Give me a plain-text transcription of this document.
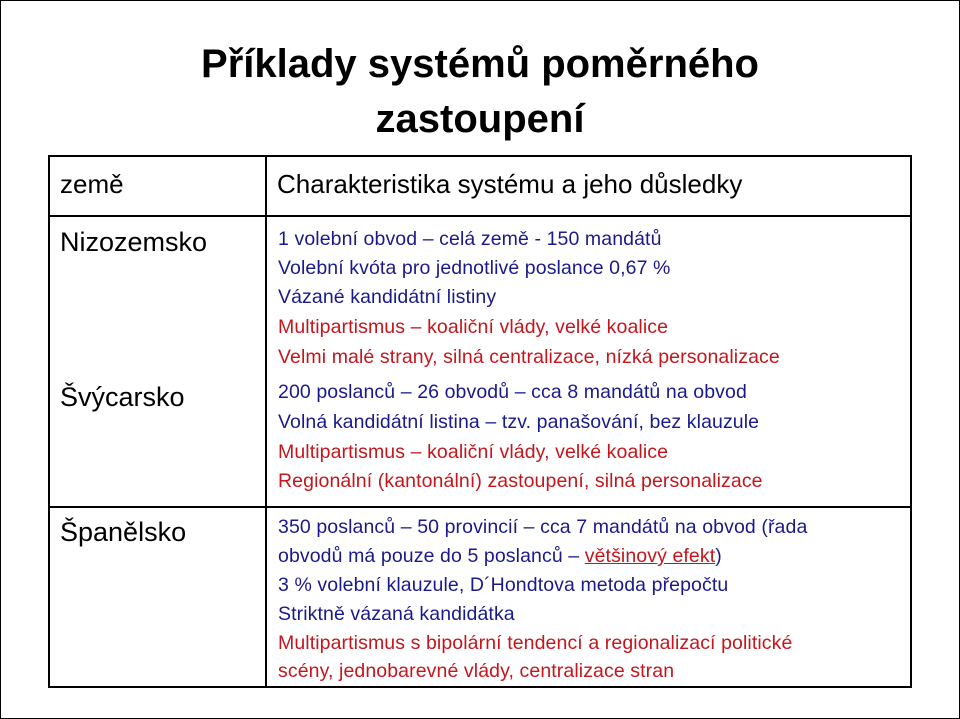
Příklady systémů poměrného
zastoupení
země	Charakteristika systému a jeho důsledky
Nizozemsko	1 volební obvod – celá země - 150 mandátů
Volební kvóta pro jednotlivé poslance 0,67 %
Vázané kandidátní listiny
Multipartismus – koaliční vlády, velké koalice
Velmi malé strany, silná centralizace, nízká personalizace
Švýcarsko	200 poslanců – 26 obvodů – cca 8 mandátů na obvod
Volná kandidátní listina – tzv. panašování, bez klauzule
Multipartismus – koaliční vlády, velké koalice
Regionální (kantonální) zastoupení, silná personalizace
Španělsko	350 poslanců – 50 provincií – cca 7 mandátů na obvod (řada
obvodů má pouze do 5 poslanců – většinový efekt)
3 % volební klauzule, D´Hondtova metoda přepočtu
Striktně vázaná kandidátka
Multipartismus s bipolární tendencí a regionalizací politické
scény, jednobarevné vlády, centralizace stran
